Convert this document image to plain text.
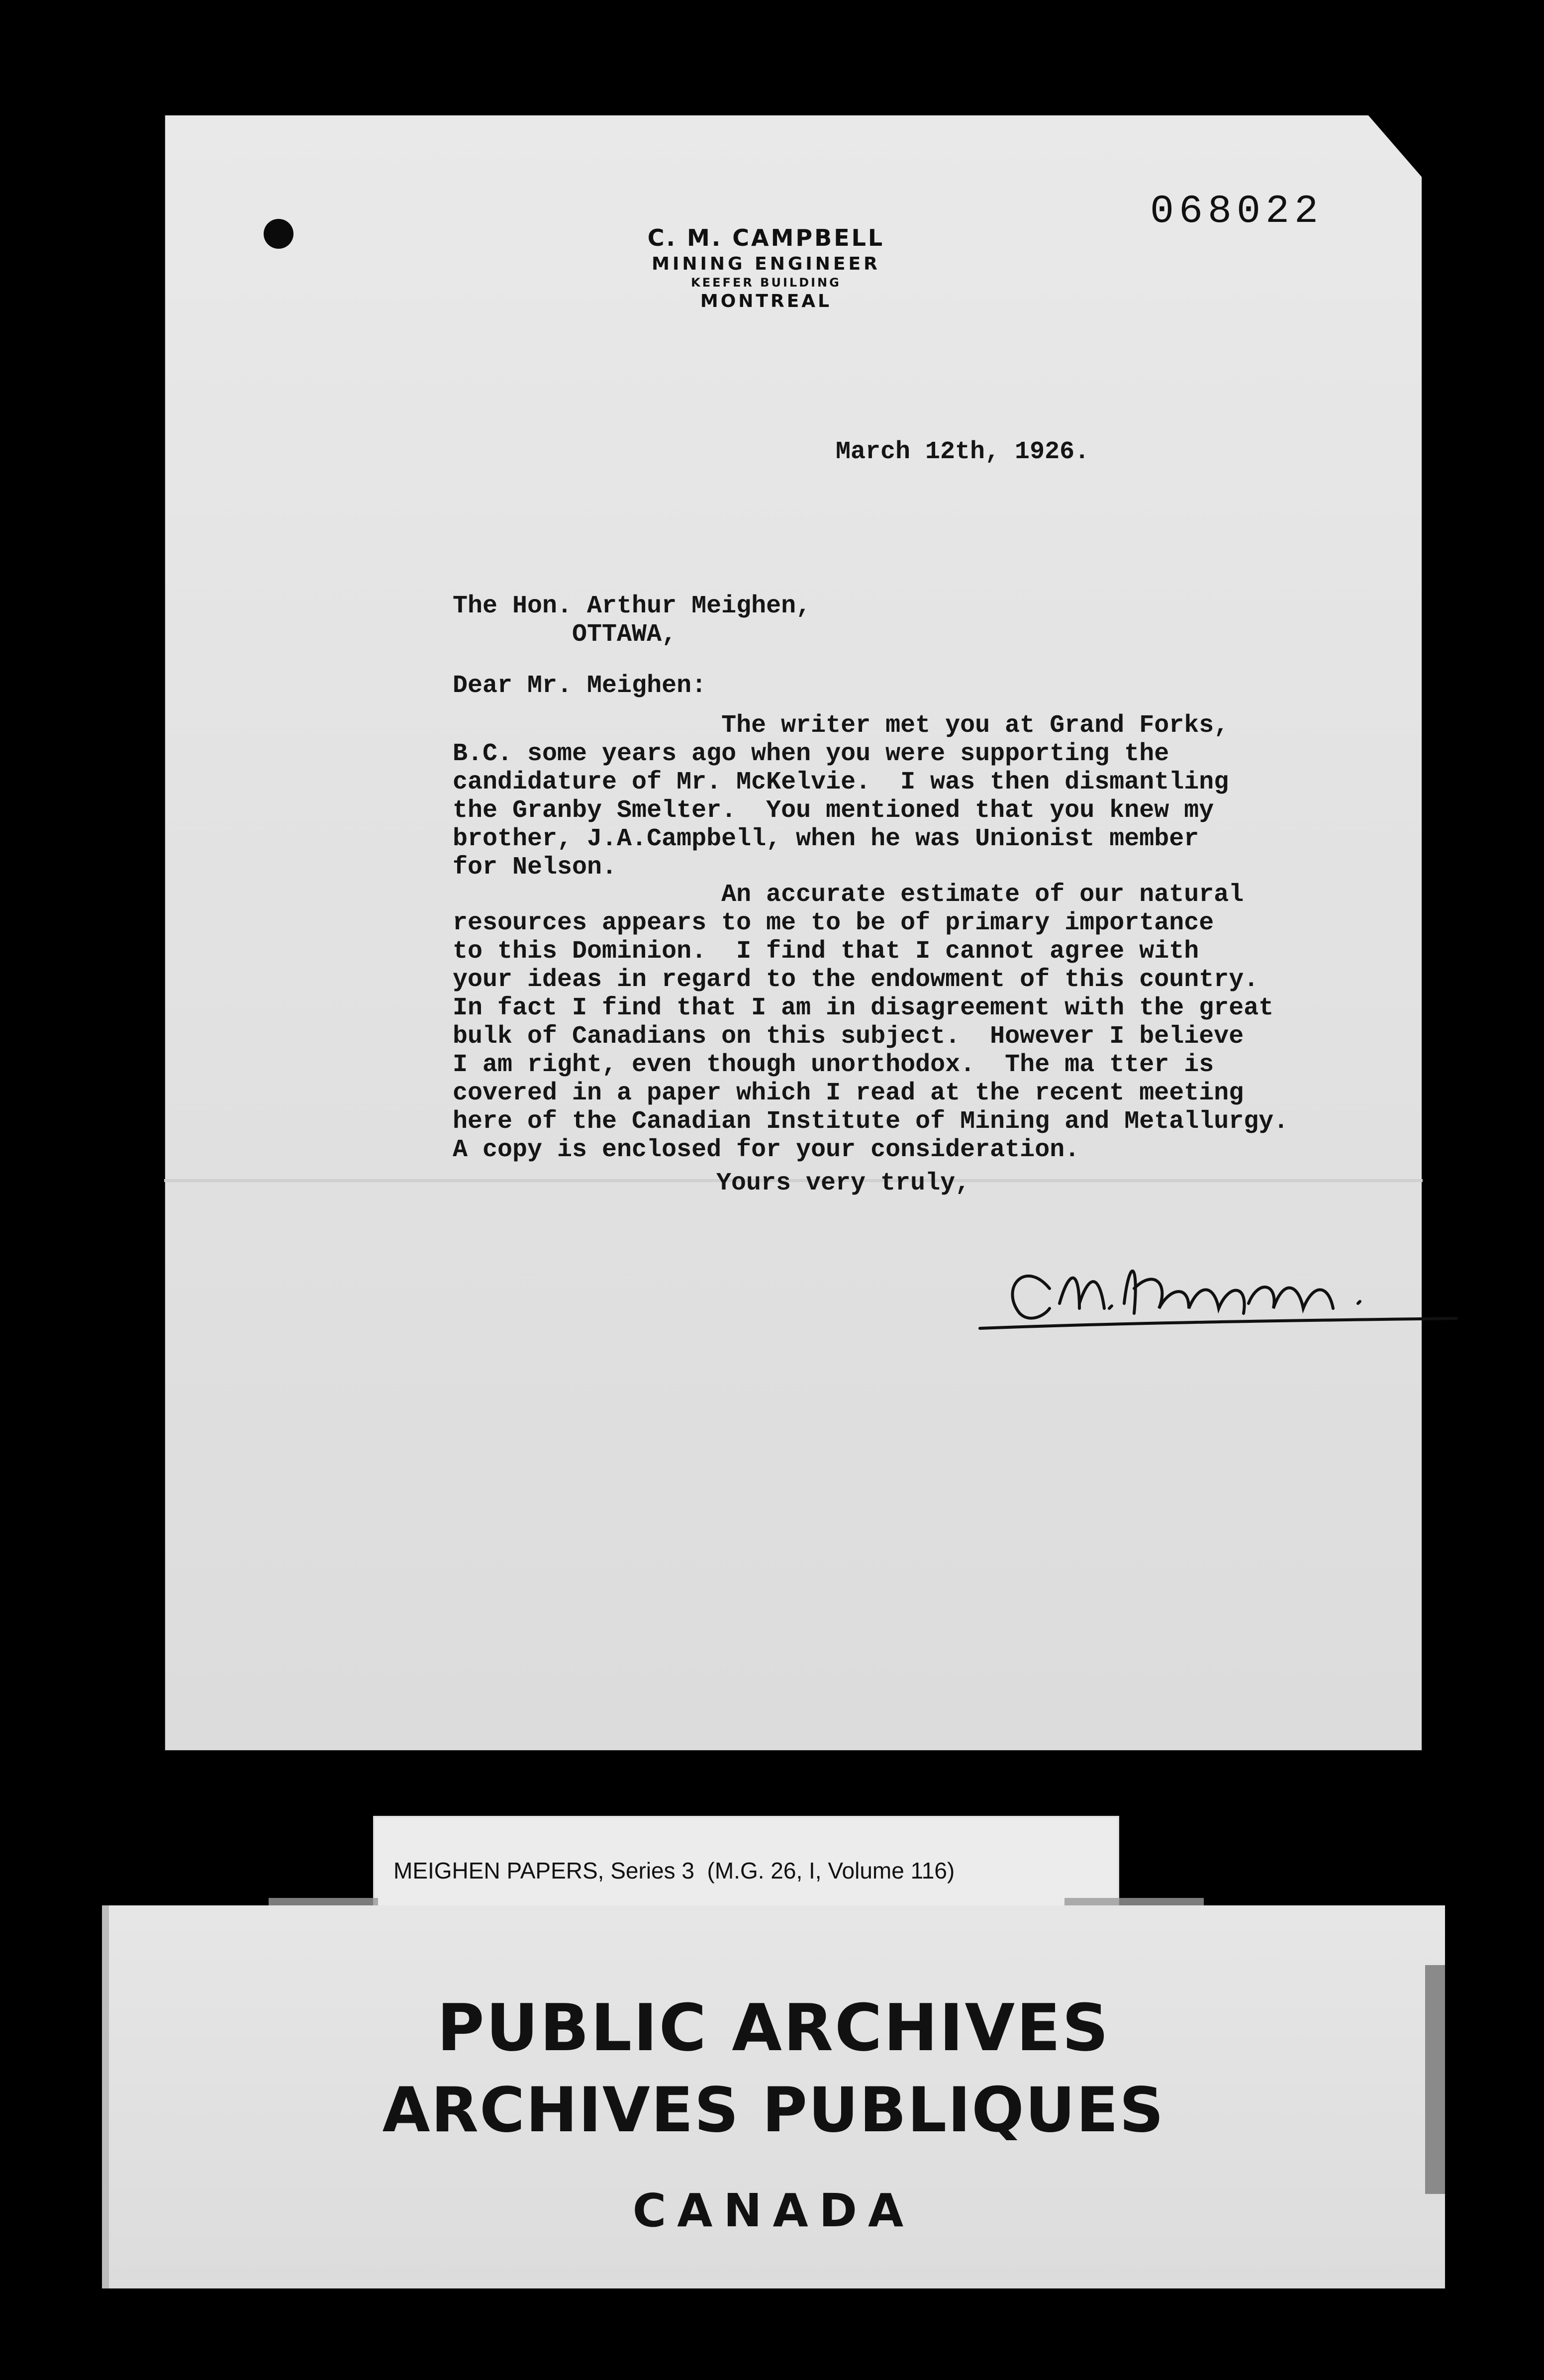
068022
C. M. CAMPBELL
MINING ENGINEER
KEEFER BUILDING
MONTREAL
March 12th, 1926.
The Hon. Arthur Meighen,
OTTAWA,
Dear Mr. Meighen:
The writer met you at Grand Forks,
B.C. some years ago when you were supporting the
candidature of Mr. McKelvie.  I was then dismantling
the Granby Smelter.  You mentioned that you knew my
brother, J.A.Campbell, when he was Unionist member
for Nelson.
An accurate estimate of our natural
resources appears to me to be of primary importance
to this Dominion.  I find that I cannot agree with
your ideas in regard to the endowment of this country.
In fact I find that I am in disagreement with the great
bulk of Canadians on this subject.  However I believe
I am right, even though unorthodox.  The ma tter is
covered in a paper which I read at the recent meeting
here of the Canadian Institute of Mining and Metallurgy.
A copy is enclosed for your consideration.
Yours very truly,
MEIGHEN PAPERS, Series 3  (M.G. 26, I, Volume 116)
PUBLIC ARCHIVES
ARCHIVES PUBLIQUES
CANADA
